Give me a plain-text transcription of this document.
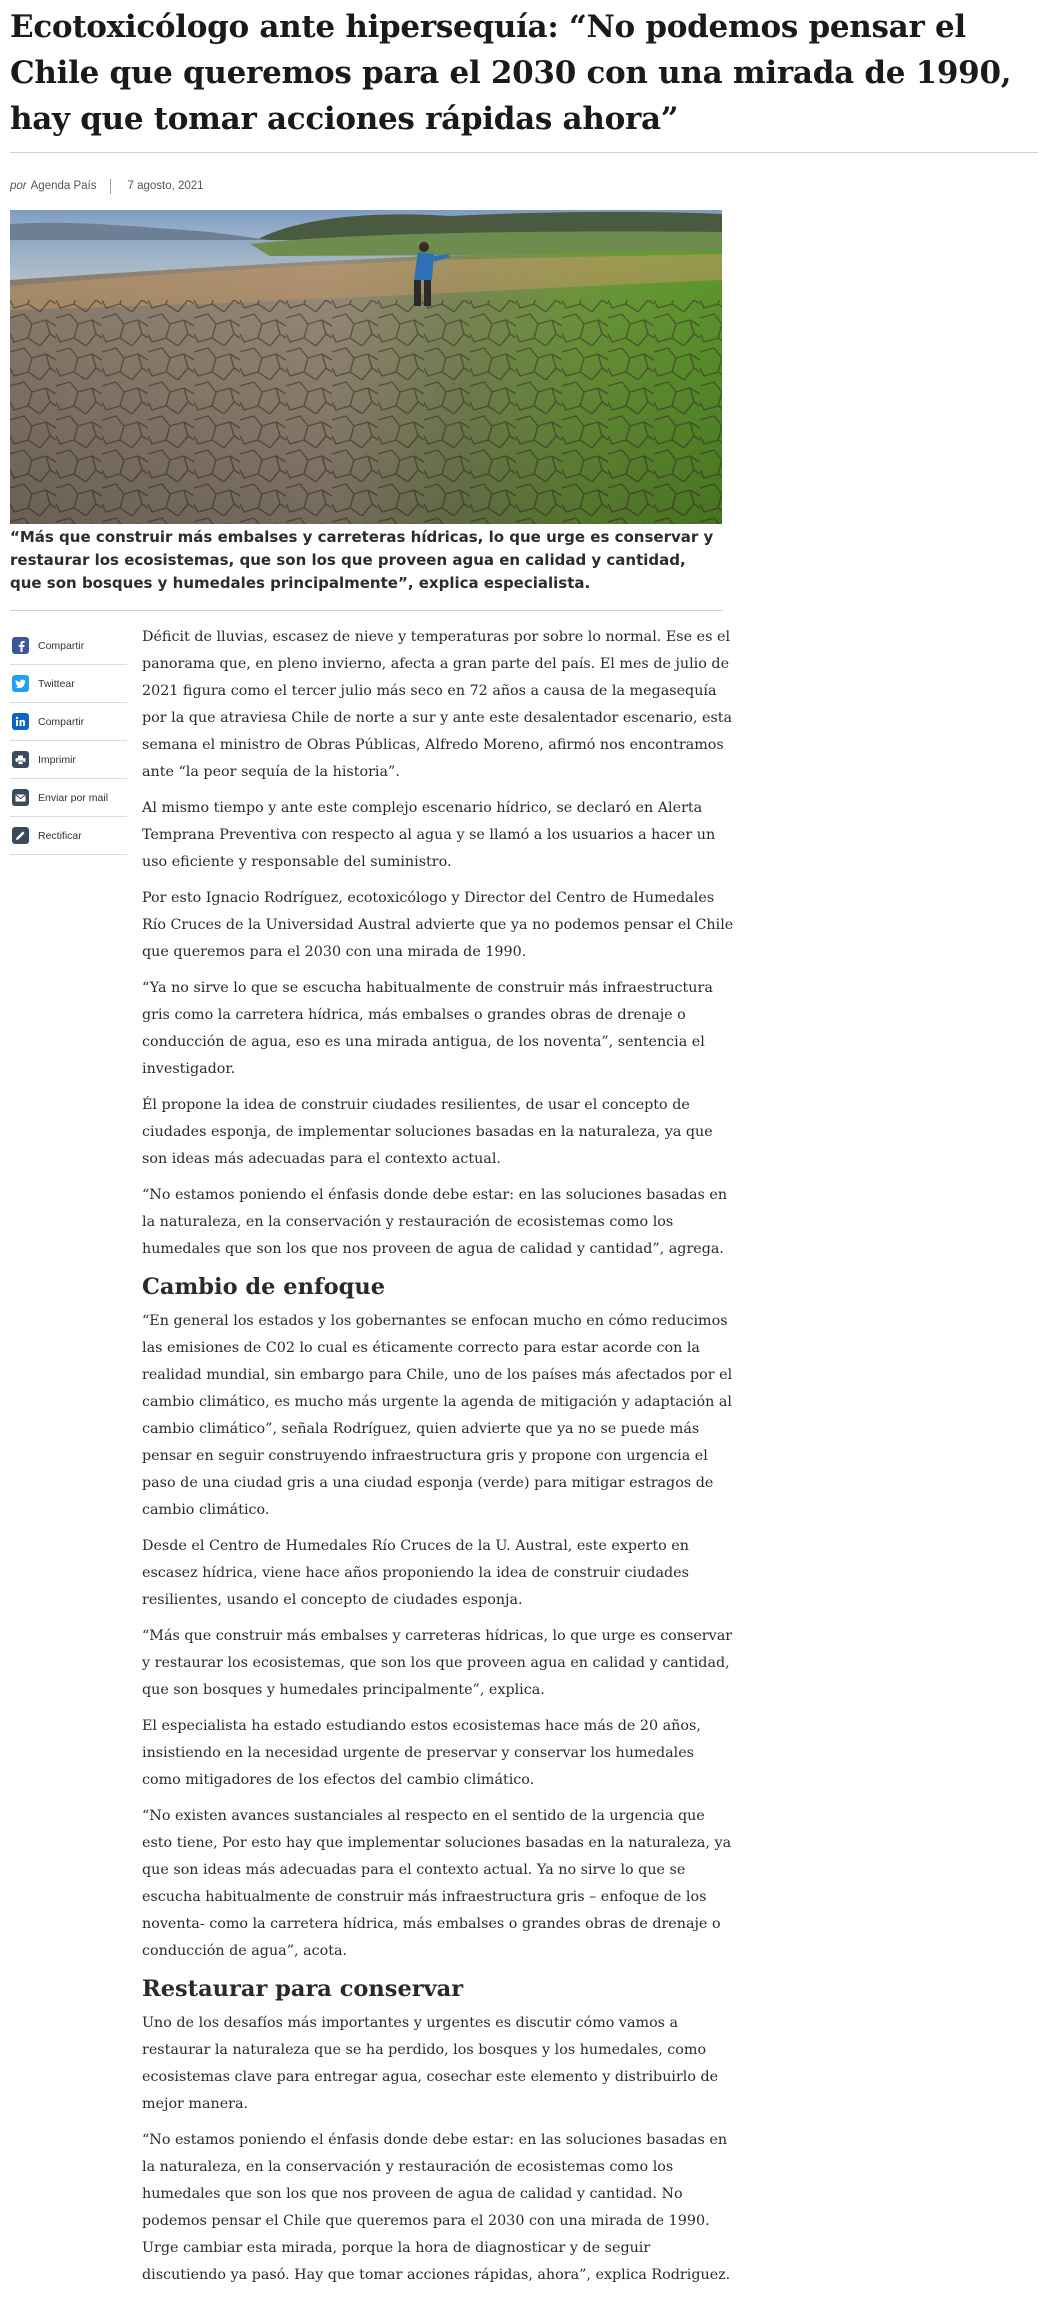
Ecotoxicólogo ante hipersequía: “No podemos pensar el Chile que queremos para el 2030 con una mirada de 1990, hay que tomar acciones rápidas ahora”
por Agenda País	7 agosto, 2021

“Más que construir más embalses y carreteras hídricas, lo que urge es conservar y restaurar los ecosistemas, que son los que proveen agua en calidad y cantidad, que son bosques y humedales principalmente”, explica especialista.

Compartir
Twittear
Compartir
Imprimir
Enviar por mail
Rectificar

Déficit de lluvias, escasez de nieve y temperaturas por sobre lo normal. Ese es el panorama que, en pleno invierno, afecta a gran parte del país. El mes de julio de 2021 figura como el tercer julio más seco en 72 años a causa de la megasequía por la que atraviesa Chile de norte a sur y ante este desalentador escenario, esta semana el ministro de Obras Públicas, Alfredo Moreno, afirmó nos encontramos ante “la peor sequía de la historia”.

Al mismo tiempo y ante este complejo escenario hídrico, se declaró en Alerta Temprana Preventiva con respecto al agua y se llamó a los usuarios a hacer un uso eficiente y responsable del suministro.

Por esto Ignacio Rodríguez, ecotoxicólogo y Director del Centro de Humedales Río Cruces de la Universidad Austral advierte que ya no podemos pensar el Chile que queremos para el 2030 con una mirada de 1990.

“Ya no sirve lo que se escucha habitualmente de construir más infraestructura gris como la carretera hídrica, más embalses o grandes obras de drenaje o conducción de agua, eso es una mirada antigua, de los noventa”, sentencia el investigador.

Él propone la idea de construir ciudades resilientes, de usar el concepto de ciudades esponja, de implementar soluciones basadas en la naturaleza, ya que son ideas más adecuadas para el contexto actual.

“No estamos poniendo el énfasis donde debe estar: en las soluciones basadas en la naturaleza, en la conservación y restauración de ecosistemas como los humedales que son los que nos proveen de agua de calidad y cantidad”, agrega.

Cambio de enfoque

“En general los estados y los gobernantes se enfocan mucho en cómo reducimos las emisiones de C02 lo cual es éticamente correcto para estar acorde con la realidad mundial, sin embargo para Chile, uno de los países más afectados por el cambio climático, es mucho más urgente la agenda de mitigación y adaptación al cambio climático”, señala Rodríguez, quien advierte que ya no se puede más pensar en seguir construyendo infraestructura gris y propone con urgencia el paso de una ciudad gris a una ciudad esponja (verde) para mitigar estragos de cambio climático.

Desde el Centro de Humedales Río Cruces de la U. Austral, este experto en escasez hídrica, viene hace años proponiendo la idea de construir ciudades resilientes, usando el concepto de ciudades esponja.

“Más que construir más embalses y carreteras hídricas, lo que urge es conservar y restaurar los ecosistemas, que son los que proveen agua en calidad y cantidad, que son bosques y humedales principalmente”, explica.

El especialista ha estado estudiando estos ecosistemas hace más de 20 años, insistiendo en la necesidad urgente de preservar y conservar los humedales como mitigadores de los efectos del cambio climático.

“No existen avances sustanciales al respecto en el sentido de la urgencia que esto tiene, Por esto hay que implementar soluciones basadas en la naturaleza, ya que son ideas más adecuadas para el contexto actual. Ya no sirve lo que se escucha habitualmente de construir más infraestructura gris – enfoque de los noventa- como la carretera hídrica, más embalses o grandes obras de drenaje o conducción de agua”, acota.

Restaurar para conservar

Uno de los desafíos más importantes y urgentes es discutir cómo vamos a restaurar la naturaleza que se ha perdido, los bosques y los humedales, como ecosistemas clave para entregar agua, cosechar este elemento y distribuirlo de mejor manera.

“No estamos poniendo el énfasis donde debe estar: en las soluciones basadas en la naturaleza, en la conservación y restauración de ecosistemas como los humedales que son los que nos proveen de agua de calidad y cantidad. No podemos pensar el Chile que queremos para el 2030 con una mirada de 1990. Urge cambiar esta mirada, porque la hora de diagnosticar y de seguir discutiendo ya pasó. Hay que tomar acciones rápidas, ahora”, explica Rodriguez.
